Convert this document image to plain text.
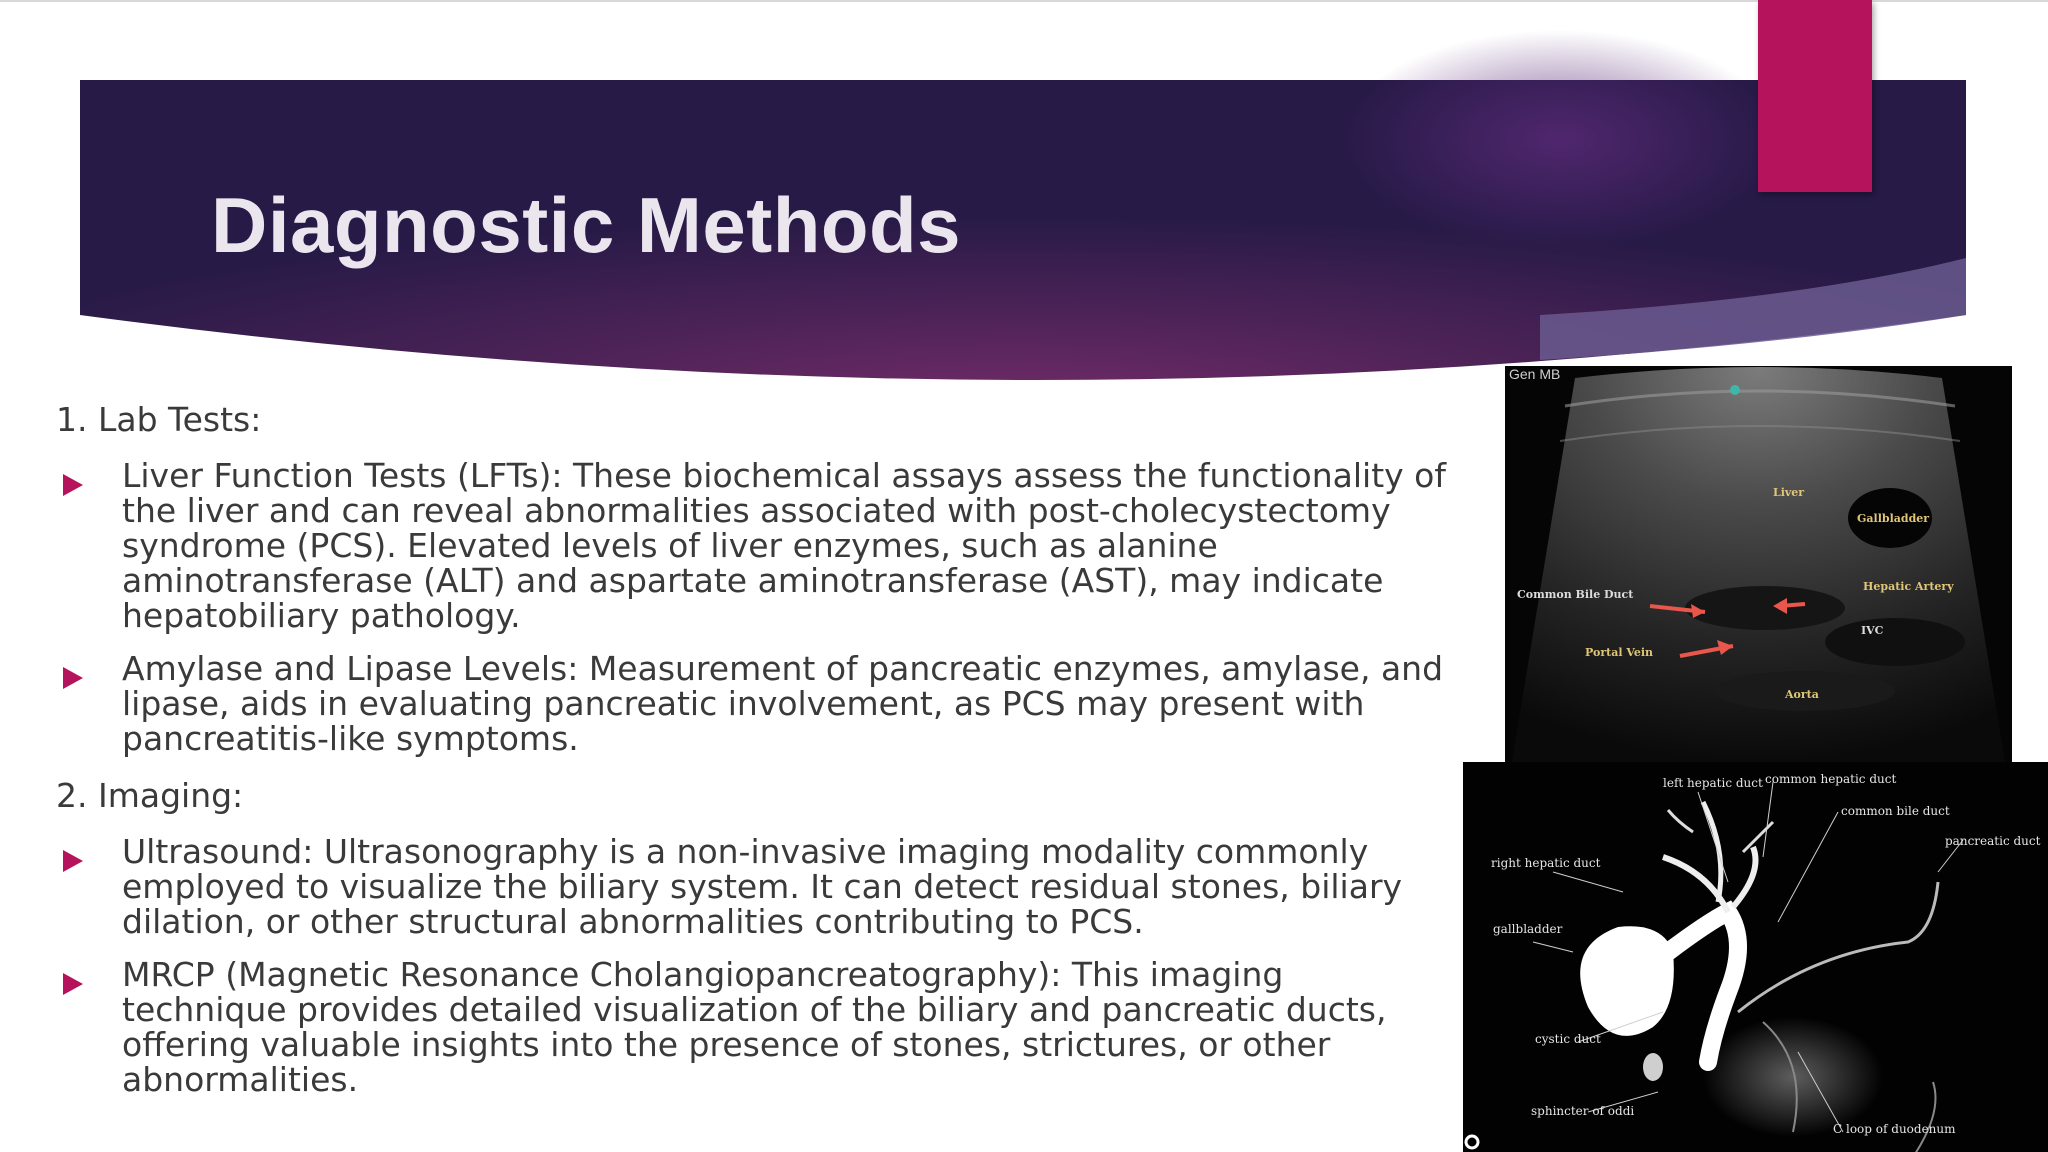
Diagnostic Methods

1. Lab Tests:

Liver Function Tests (LFTs): These biochemical assays assess the functionality of the liver and can reveal abnormalities associated with post-cholecystectomy syndrome (PCS). Elevated levels of liver enzymes, such as alanine aminotransferase (ALT) and aspartate aminotransferase (AST), may indicate hepatobiliary pathology.
Amylase and Lipase Levels: Measurement of pancreatic enzymes, amylase, and lipase, aids in evaluating pancreatic involvement, as PCS may present with pancreatitis-like symptoms.

2. Imaging:

Ultrasound: Ultrasonography is a non-invasive imaging modality commonly employed to visualize the biliary system. It can detect residual stones, biliary dilation, or other structural abnormalities contributing to PCS.
MRCP (Magnetic Resonance Cholangiopancreatography): This imaging technique provides detailed visualization of the biliary and pancreatic ducts, offering valuable insights into the presence of stones, strictures, or other abnormalities.
Gen MB
Liver
Gallbladder
Common Bile Duct
Hepatic Artery
IVC
Portal Vein
Aorta
left hepatic duct common hepatic duct
common bile duct
pancreatic duct
right hepatic duct
gallbladder
cystic duct
sphincter of oddi
C loop of duodenum
